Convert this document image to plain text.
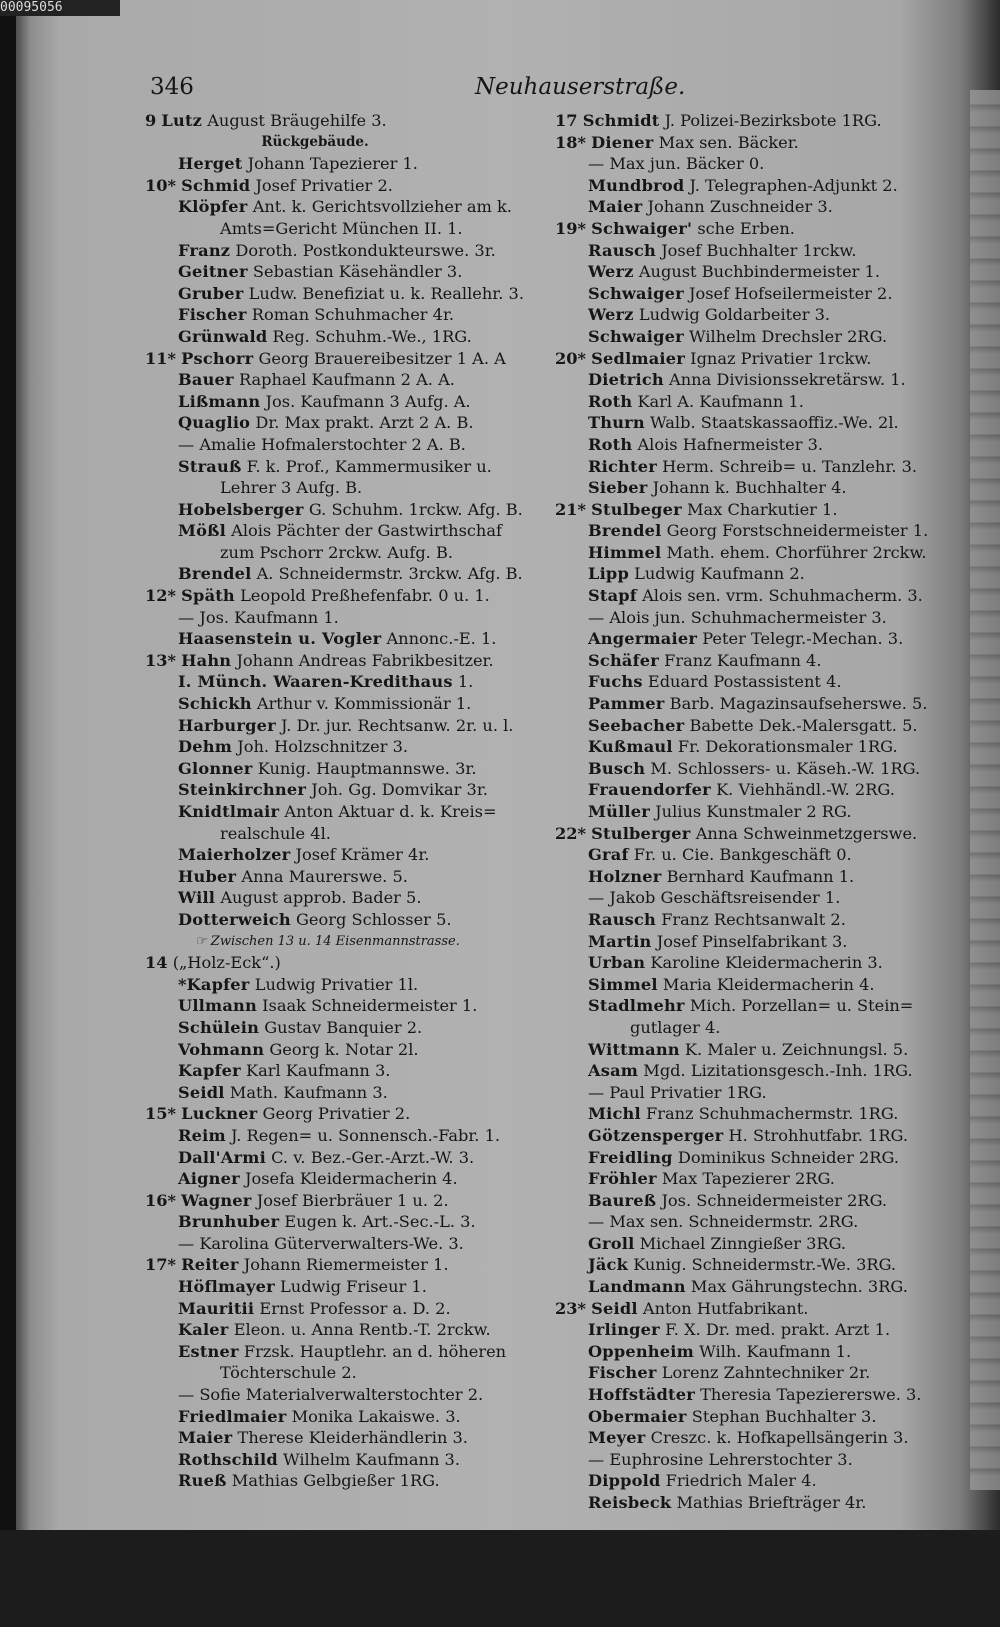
00095056
346	Neuhauserstraße.
9 Lutz August Bräugehilfe 3.
Rückgebäude.
Herget Johann Tapezierer 1.
10* Schmid Josef Privatier 2.
Klöpfer Ant. k. Gerichtsvollzieher am k.
Amts=Gericht München II. 1.
Franz Doroth. Postkondukteurswe. 3r.
Geitner Sebastian Käsehändler 3.
Gruber Ludw. Benefiziat u. k. Reallehr. 3.
Fischer Roman Schuhmacher 4r.
Grünwald Reg. Schuhm.-We., 1RG.
11* Pschorr Georg Brauereibesitzer 1 A. A
Bauer Raphael Kaufmann 2 A. A.
Lißmann Jos. Kaufmann 3 Aufg. A.
Quaglio Dr. Max prakt. Arzt 2 A. B.
— Amalie Hofmalerstochter 2 A. B.
Strauß F. k. Prof., Kammermusiker u.
Lehrer 3 Aufg. B.
Hobelsberger G. Schuhm. 1rckw. Afg. B.
Mößl Alois Pächter der Gastwirthschaf
zum Pschorr 2rckw. Aufg. B.
Brendel A. Schneidermstr. 3rckw. Afg. B.
12* Späth Leopold Preßhefenfabr. 0 u. 1.
— Jos. Kaufmann 1.
Haasenstein u. Vogler Annonc.-E. 1.
13* Hahn Johann Andreas Fabrikbesitzer.
I. Münch. Waaren-Kredithaus 1.
Schickh Arthur v. Kommissionär 1.
Harburger J. Dr. jur. Rechtsanw. 2r. u. l.
Dehm Joh. Holzschnitzer 3.
Glonner Kunig. Hauptmannswe. 3r.
Steinkirchner Joh. Gg. Domvikar 3r.
Knidtlmair Anton Aktuar d. k. Kreis=
realschule 4l.
Maierholzer Josef Krämer 4r.
Huber Anna Maurerswe. 5.
Will August approb. Bader 5.
Dotterweich Georg Schlosser 5.
☞ Zwischen 13 u. 14 Eisenmannstrasse.
14 („Holz-Eck“.)
*Kapfer Ludwig Privatier 1l.
Ullmann Isaak Schneidermeister 1.
Schülein Gustav Banquier 2.
Vohmann Georg k. Notar 2l.
Kapfer Karl Kaufmann 3.
Seidl Math. Kaufmann 3.
15* Luckner Georg Privatier 2.
Reim J. Regen= u. Sonnensch.-Fabr. 1.
Dall'Armi C. v. Bez.-Ger.-Arzt.-W. 3.
Aigner Josefa Kleidermacherin 4.
16* Wagner Josef Bierbräuer 1 u. 2.
Brunhuber Eugen k. Art.-Sec.-L. 3.
— Karolina Güterverwalters-We. 3.
17* Reiter Johann Riemermeister 1.
Höflmayer Ludwig Friseur 1.
Mauritii Ernst Professor a. D. 2.
Kaler Eleon. u. Anna Rentb.-T. 2rckw.
Estner Frzsk. Hauptlehr. an d. höheren
Töchterschule 2.
— Sofie Materialverwalterstochter 2.
Friedlmaier Monika Lakaiswe. 3.
Maier Therese Kleiderhändlerin 3.
Rothschild Wilhelm Kaufmann 3.
Rueß Mathias Gelbgießer 1RG.
17 Schmidt J. Polizei-Bezirksbote 1RG.
18* Diener Max sen. Bäcker.
— Max jun. Bäcker 0.
Mundbrod J. Telegraphen-Adjunkt 2.
Maier Johann Zuschneider 3.
19* Schwaiger' sche Erben.
Rausch Josef Buchhalter 1rckw.
Werz August Buchbindermeister 1.
Schwaiger Josef Hofseilermeister 2.
Werz Ludwig Goldarbeiter 3.
Schwaiger Wilhelm Drechsler 2RG.
20* Sedlmaier Ignaz Privatier 1rckw.
Dietrich Anna Divisionssekretärsw. 1.
Roth Karl A. Kaufmann 1.
Thurn Walb. Staatskassaoffiz.-We. 2l.
Roth Alois Hafnermeister 3.
Richter Herm. Schreib= u. Tanzlehr. 3.
Sieber Johann k. Buchhalter 4.
21* Stulbeger Max Charkutier 1.
Brendel Georg Forstschneidermeister 1.
Himmel Math. ehem. Chorführer 2rckw.
Lipp Ludwig Kaufmann 2.
Stapf Alois sen. vrm. Schuhmacherm. 3.
— Alois jun. Schuhmachermeister 3.
Angermaier Peter Telegr.-Mechan. 3.
Schäfer Franz Kaufmann 4.
Fuchs Eduard Postassistent 4.
Pammer Barb. Magazinsaufseherswe. 5.
Seebacher Babette Dek.-Malersgatt. 5.
Kußmaul Fr. Dekorationsmaler 1RG.
Busch M. Schlossers- u. Käseh.-W. 1RG.
Frauendorfer K. Viehhändl.-W. 2RG.
Müller Julius Kunstmaler 2 RG.
22* Stulberger Anna Schweinmetzgerswe.
Graf Fr. u. Cie. Bankgeschäft 0.
Holzner Bernhard Kaufmann 1.
— Jakob Geschäftsreisender 1.
Rausch Franz Rechtsanwalt 2.
Martin Josef Pinselfabrikant 3.
Urban Karoline Kleidermacherin 3.
Simmel Maria Kleidermacherin 4.
Stadlmehr Mich. Porzellan= u. Stein=
gutlager 4.
Wittmann K. Maler u. Zeichnungsl. 5.
Asam Mgd. Lizitationsgesch.-Inh. 1RG.
— Paul Privatier 1RG.
Michl Franz Schuhmachermstr. 1RG.
Götzensperger H. Strohhutfabr. 1RG.
Freidling Dominikus Schneider 2RG.
Fröhler Max Tapezierer 2RG.
Baureß Jos. Schneidermeister 2RG.
— Max sen. Schneidermstr. 2RG.
Groll Michael Zinngießer 3RG.
Jäck Kunig. Schneidermstr.-We. 3RG.
Landmann Max Gährungstechn. 3RG.
23* Seidl Anton Hutfabrikant.
Irlinger F. X. Dr. med. prakt. Arzt 1.
Oppenheim Wilh. Kaufmann 1.
Fischer Lorenz Zahntechniker 2r.
Hoffstädter Theresia Tapeziererswe. 3.
Obermaier Stephan Buchhalter 3.
Meyer Creszc. k. Hofkapellsängerin 3.
— Euphrosine Lehrerstochter 3.
Dippold Friedrich Maler 4.
Reisbeck Mathias Briefträger 4r.
